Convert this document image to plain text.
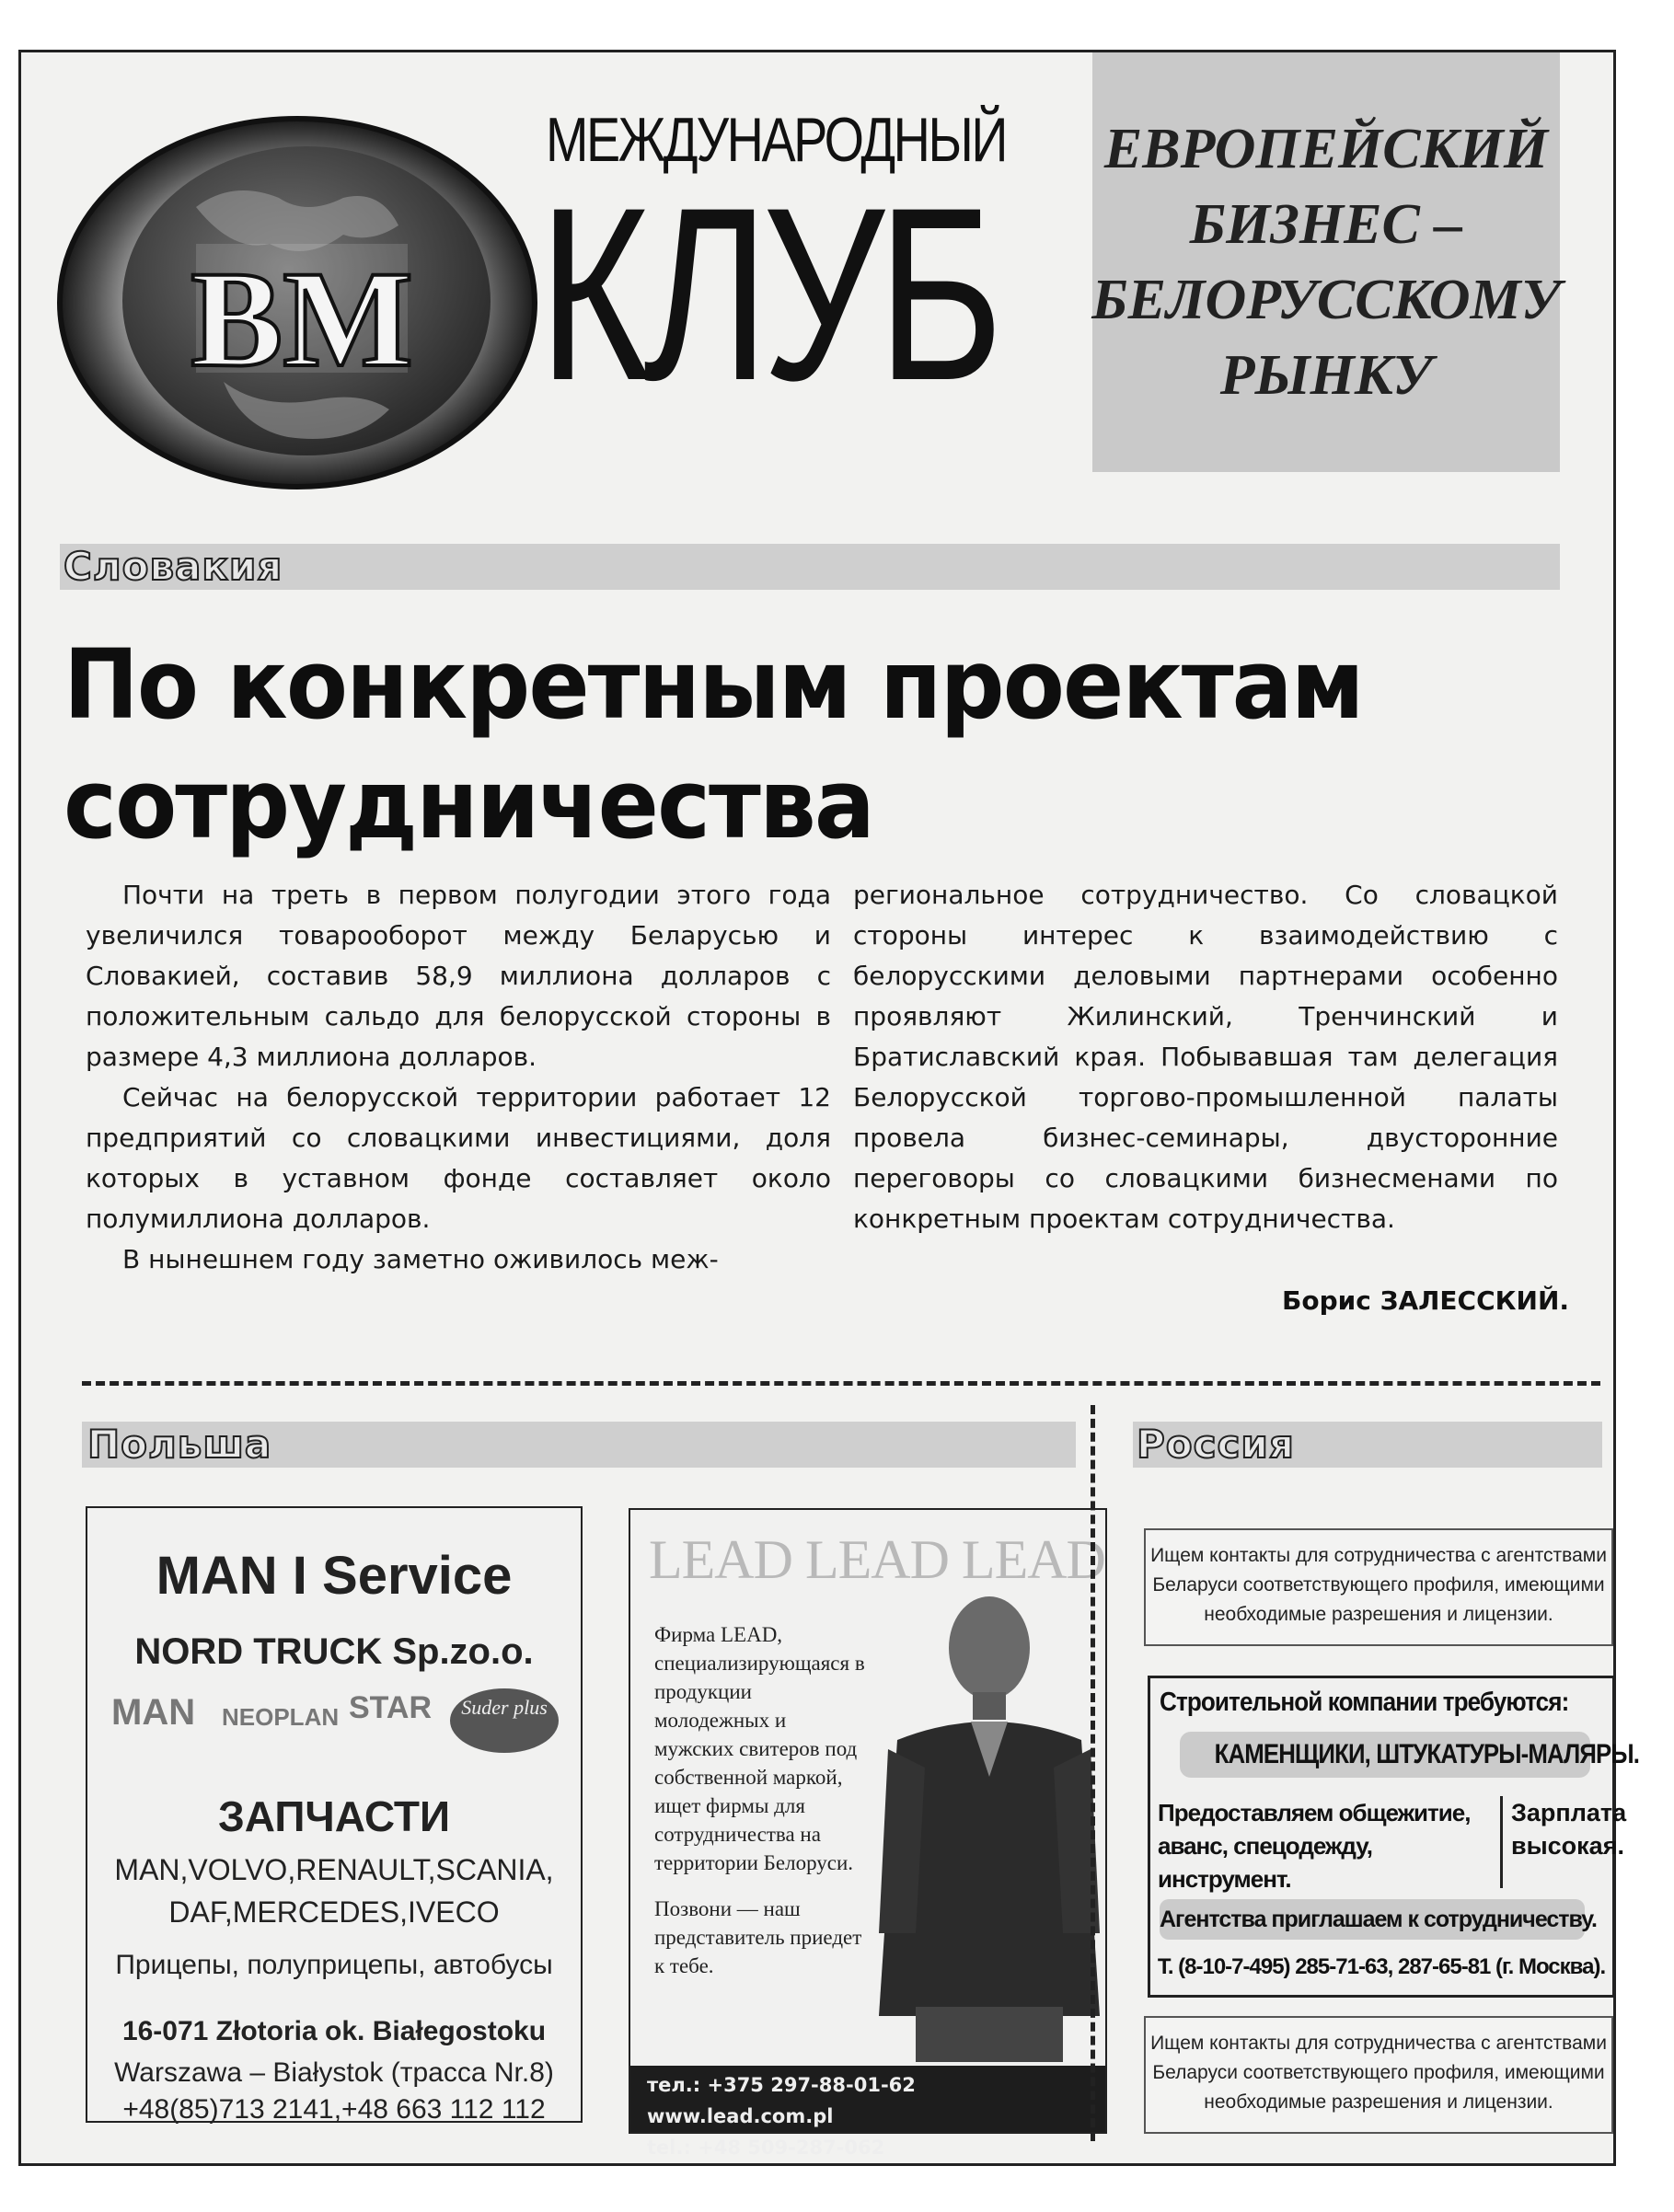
BM
МЕЖДУНАРОДНЫЙ
КЛУБ
ЕВРОПЕЙСКИЙ
БИЗНЕС –
БЕЛОРУССКОМУ
РЫНКУ
Словакия
По конкретным проектам
сотрудничества

Почти на треть в первом полугодии этого года увеличился товарооборот между Беларусью и Словакией, составив 58,9 миллиона долларов с положительным сальдо для белорусской стороны в размере 4,3 миллиона долларов.

Сейчас на белорусской территории работает 12 предприятий со словацкими инвестициями, доля которых в уставном фонде составляет около полумиллиона долларов.

В нынешнем году заметно оживилось меж-

региональное сотрудничество. Со словацкой стороны интерес к взаимодействию с белорусскими деловыми партнерами особенно проявляют Жилинский, Тренчинский и Братиславский края. Побывавшая там делегация Белорусской торгово-промышленной палаты провела бизнес-семинары, двусторонние переговоры со словацкими бизнесменами по конкретным проектам сотрудничества.

Борис ЗАЛЕССКИЙ.
Польша
MAN I Service
NORD TRUCK Sp.zo.o.
MAN NEOPLAN STAR	Suder plus
ЗАПЧАСТИ
MAN,VOLVO,RENAULT,SCANIA,
DAF,MERCEDES,IVECO
Прицепы, полуприцепы, автобусы
16-071 Złotoria ok. Białegostoku
Warszawa – Białystok (трасса Nr.8)
+48(85)713 2141,+48 663 112 112
LEAD LEAD LEAD
Фирма LEAD, специализирующаяся в продукции молодежных и мужских свитеров под собственной маркой, ищет фирмы для сотрудничества на территории Белоруси.
Позвони — наш представитель приедет к тебе.
тел.: +375 297-88-01-62 www.lead.com.pl
tel.: +48 509-287-062
Россия
Ищем контакты для сотрудничества с агентствами Беларуси соответствующего профиля, имеющими необходимые разрешения и лицензии.
Строительной компании требуются:
КАМЕНЩИКИ, ШТУКАТУРЫ-МАЛЯРЫ.
Предоставляем общежитие, аванс, спецодежду, инструмент.
Зарплата высокая.
Агентства приглашаем к сотрудничеству.
Т. (8-10-7-495) 285-71-63, 287-65-81 (г. Москва).
Ищем контакты для сотрудничества с агентствами Беларуси соответствующего профиля, имеющими необходимые разрешения и лицензии.
